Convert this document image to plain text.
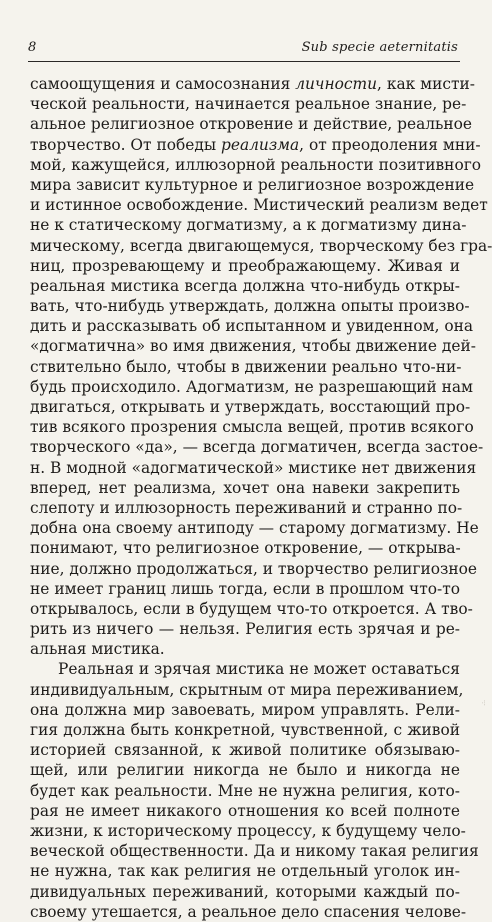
8	Sub specie aeternitatis
самоощущения и самосознания личности, как мисти-
ческой реальности, начинается реальное знание, ре-
альное религиозное откровение и действие, реальное
творчество. От победы реализма, от преодоления мни-
мой, кажущейся, иллюзорной реальности позитивного
мира зависит культурное и религиозное возрождение
и истинное освобождение. Мистический реализм ведет
не к статическому догматизму, а к догматизму дина-
мическому, всегда двигающемуся, творческому без гра-
ниц, прозревающему и преображающему. Живая и
реальная мистика всегда должна что-нибудь откры-
вать, что-нибудь утверждать, должна опыты произво-
дить и рассказывать об испытанном и увиденном, она
«догматична» во имя движения, чтобы движение дей-
ствительно было, чтобы в движении реально что-ни-
будь происходило. Адогматизм, не разрешающий нам
двигаться, открывать и утверждать, восстающий про-
тив всякого прозрения смысла вещей, против всякого
творческого «да», — всегда догматичен, всегда застое-
н. В модной «адогматической» мистике нет движения
вперед, нет реализма, хочет она навеки закрепить
слепоту и иллюзорность переживаний и странно по-
добна она своему антиподу — старому догматизму. Не
понимают, что религиозное откровение, — открыва-
ние, должно продолжаться, и творчество религиозное
не имеет границ лишь тогда, если в прошлом что-то
открывалось, если в будущем что-то откроется. А тво-
рить из ничего — нельзя. Религия есть зрячая и ре-
альная мистика.
Реальная и зрячая мистика не может оставаться
индивидуальным, скрытным от мира переживанием,
она должна мир завоевать, миром управлять. Рели-
гия должна быть конкретной, чувственной, с живой
историей связанной, к живой политике обязываю-
щей, или религии никогда не было и никогда не
будет как реальности. Мне не нужна религия, кото-
рая не имеет никакого отношения ко всей полноте
жизни, к историческому процессу, к будущему чело-
веческой общественности. Да и никому такая религия
не нужна, так как религия не отдельный уголок ин-
дивидуальных переживаний, которыми каждый по-
своему утешается, а реальное дело спасения челове-
·:·
